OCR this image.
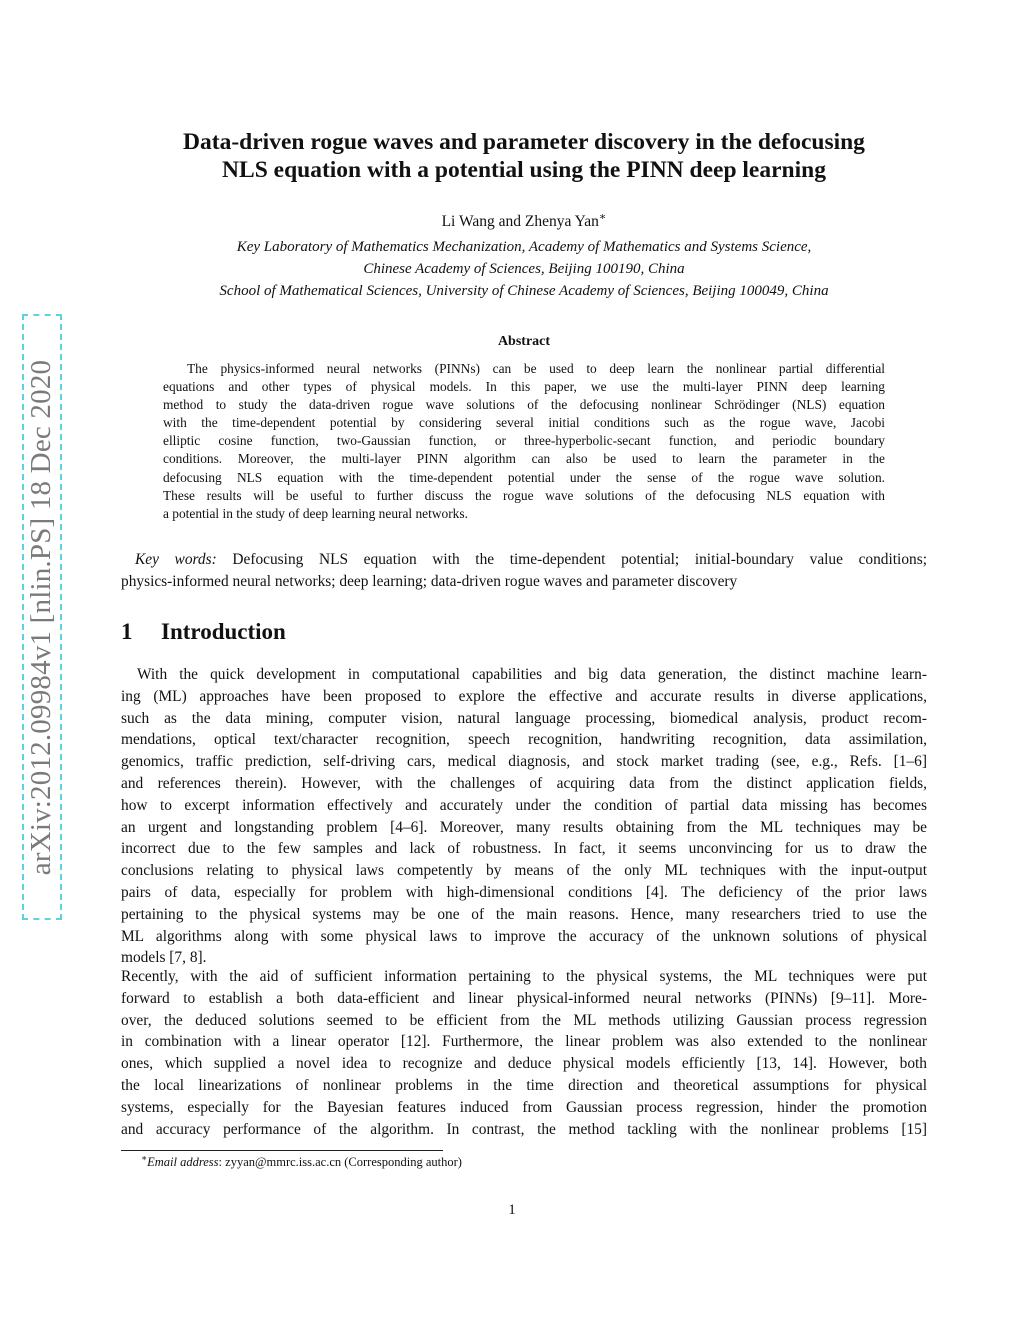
arXiv:2012.09984v1 [nlin.PS] 18 Dec 2020
Data-driven rogue waves and parameter discovery in the defocusing
NLS equation with a potential using the PINN deep learning
Li Wang and Zhenya Yan∗
Key Laboratory of Mathematics Mechanization, Academy of Mathematics and Systems Science,
Chinese Academy of Sciences, Beijing 100190, China
School of Mathematical Sciences, University of Chinese Academy of Sciences, Beijing 100049, China
Abstract
The physics-informed neural networks (PINNs) can be used to deep learn the nonlinear partial differential
equations and other types of physical models. In this paper, we use the multi-layer PINN deep learning
method to study the data-driven rogue wave solutions of the defocusing nonlinear Schrödinger (NLS) equation
with the time-dependent potential by considering several initial conditions such as the rogue wave, Jacobi
elliptic cosine function, two-Gaussian function, or three-hyperbolic-secant function, and periodic boundary
conditions. Moreover, the multi-layer PINN algorithm can also be used to learn the parameter in the
defocusing NLS equation with the time-dependent potential under the sense of the rogue wave solution.
These results will be useful to further discuss the rogue wave solutions of the defocusing NLS equation with
a potential in the study of deep learning neural networks.
Key words: Defocusing NLS equation with the time-dependent potential; initial-boundary value conditions;
physics-informed neural networks; deep learning; data-driven rogue waves and parameter discovery
1 Introduction
With the quick development in computational capabilities and big data generation, the distinct machine learn-
ing (ML) approaches have been proposed to explore the effective and accurate results in diverse applications,
such as the data mining, computer vision, natural language processing, biomedical analysis, product recom-
mendations, optical text/character recognition, speech recognition, handwriting recognition, data assimilation,
genomics, traffic prediction, self-driving cars, medical diagnosis, and stock market trading (see, e.g., Refs. [1–6]
and references therein). However, with the challenges of acquiring data from the distinct application fields,
how to excerpt information effectively and accurately under the condition of partial data missing has becomes
an urgent and longstanding problem [4–6]. Moreover, many results obtaining from the ML techniques may be
incorrect due to the few samples and lack of robustness. In fact, it seems unconvincing for us to draw the
conclusions relating to physical laws competently by means of the only ML techniques with the input-output
pairs of data, especially for problem with high-dimensional conditions [4]. The deficiency of the prior laws
pertaining to the physical systems may be one of the main reasons. Hence, many researchers tried to use the
ML algorithms along with some physical laws to improve the accuracy of the unknown solutions of physical
models [7, 8].
Recently, with the aid of sufficient information pertaining to the physical systems, the ML techniques were put
forward to establish a both data-efficient and linear physical-informed neural networks (PINNs) [9–11]. More-
over, the deduced solutions seemed to be efficient from the ML methods utilizing Gaussian process regression
in combination with a linear operator [12]. Furthermore, the linear problem was also extended to the nonlinear
ones, which supplied a novel idea to recognize and deduce physical models efficiently [13, 14]. However, both
the local linearizations of nonlinear problems in the time direction and theoretical assumptions for physical
systems, especially for the Bayesian features induced from Gaussian process regression, hinder the promotion
and accuracy performance of the algorithm. In contrast, the method tackling with the nonlinear problems [15]
∗Email address: zyyan@mmrc.iss.ac.cn (Corresponding author)
1
